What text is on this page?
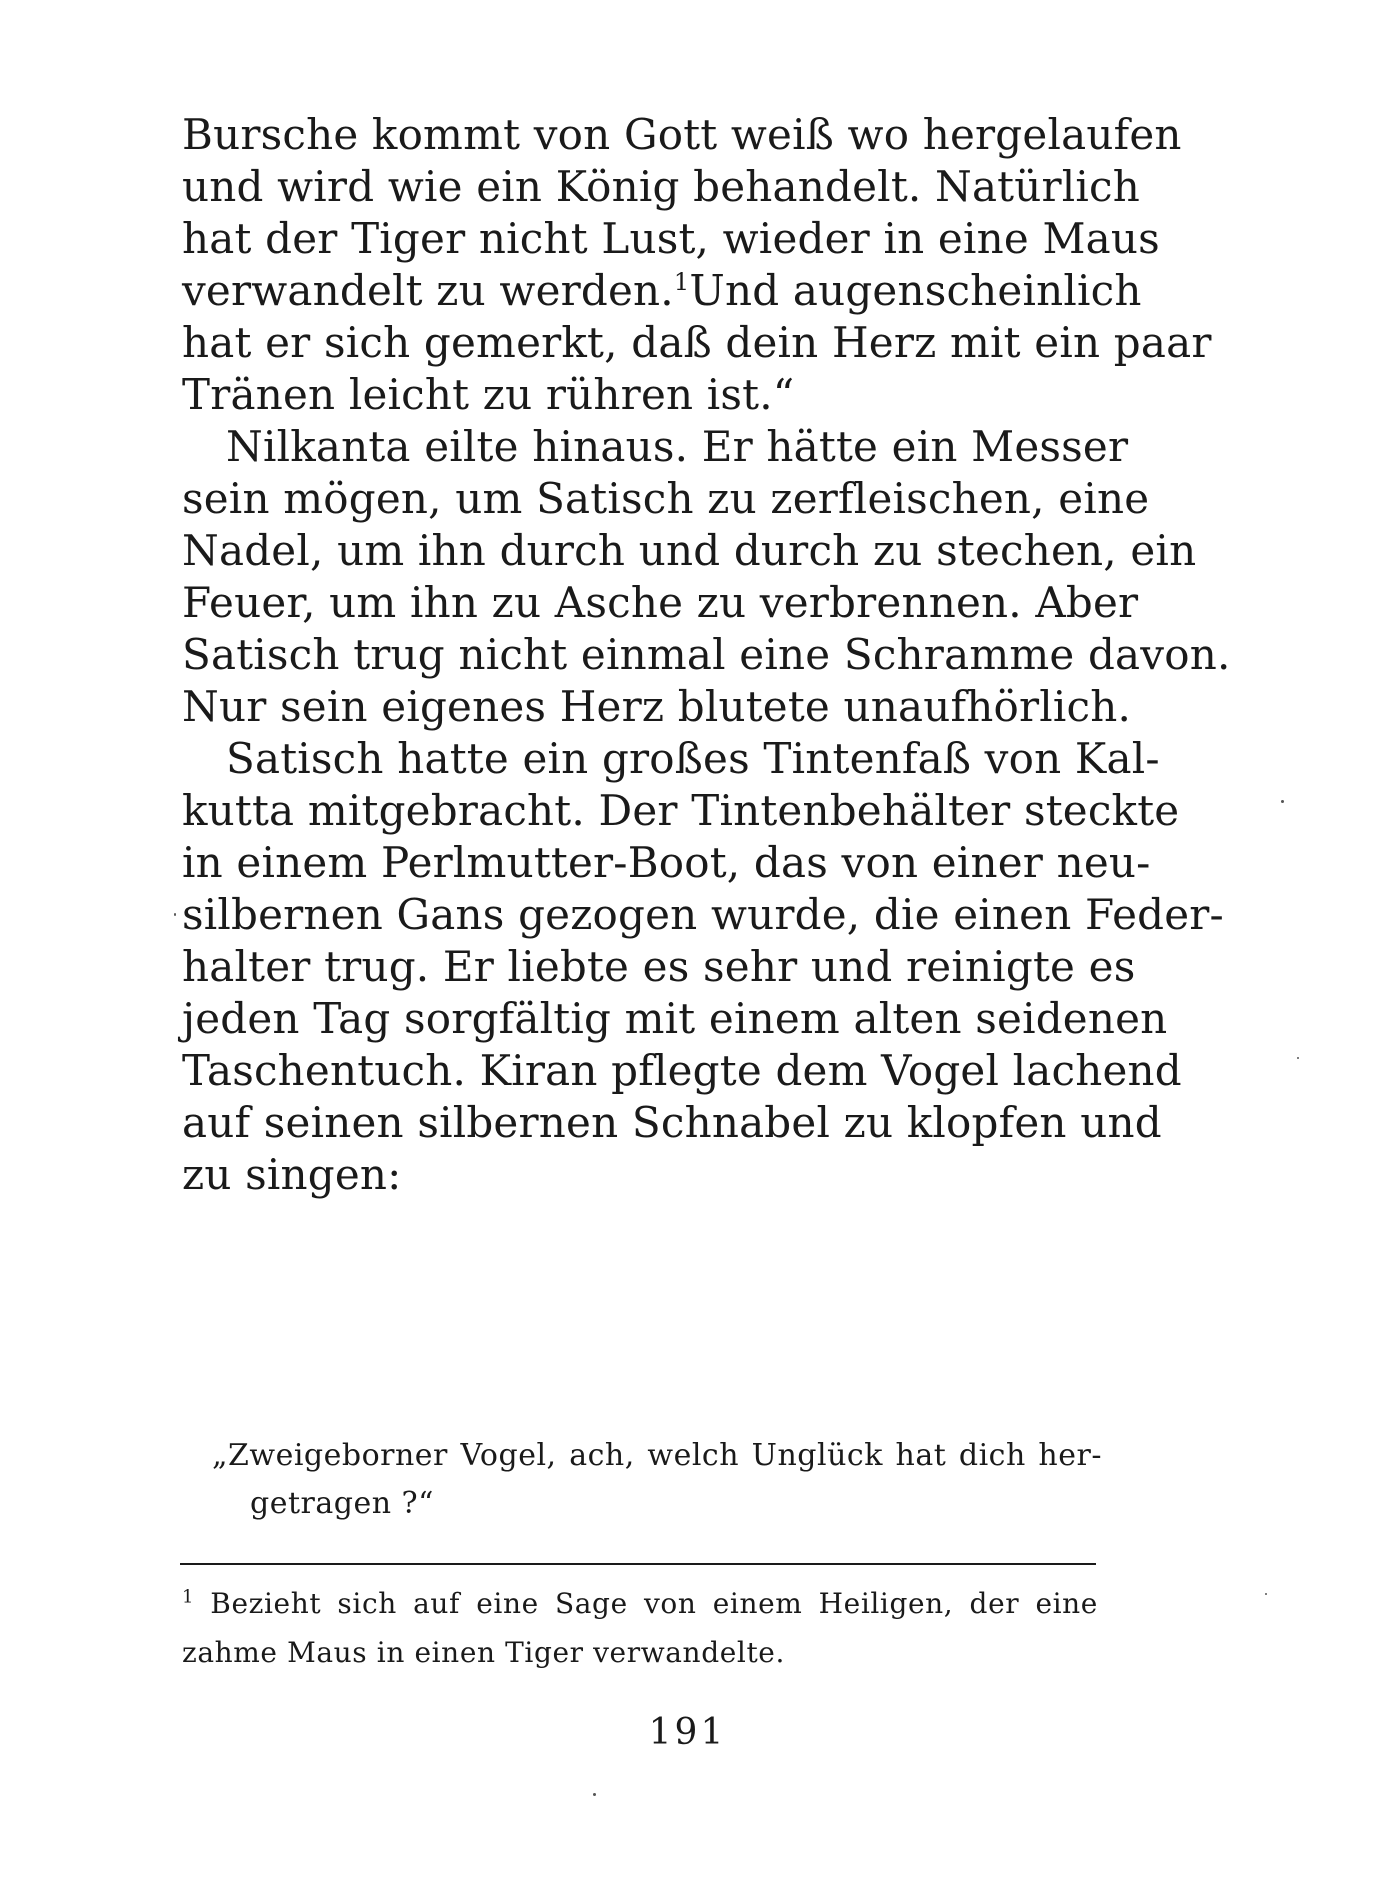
Bursche kommt von Gott weiß wo hergelaufen
und wird wie ein König behandelt. Natürlich
hat der Tiger nicht Lust, wieder in eine Maus
verwandelt zu werden.$^1$ Und augenscheinlich
hat er sich gemerkt, daß dein Herz mit ein paar
Tränen leicht zu rühren ist.“
Nilkanta eilte hinaus. Er hätte ein Messer
sein mögen, um Satisch zu zerfleischen, eine
Nadel, um ihn durch und durch zu stechen, ein
Feuer, um ihn zu Asche zu verbrennen. Aber
Satisch trug nicht einmal eine Schramme davon.
Nur sein eigenes Herz blutete unaufhörlich.
Satisch hatte ein großes Tintenfaß von Kal-
kutta mitgebracht. Der Tintenbehälter steckte
in einem Perlmutter-Boot, das von einer neu-
silbernen Gans gezogen wurde, die einen Feder-
halter trug. Er liebte es sehr und reinigte es
jeden Tag sorgfältig mit einem alten seidenen
Taschentuch. Kiran pflegte dem Vogel lachend
auf seinen silbernen Schnabel zu klopfen und
zu singen:
„Zweigeborner Vogel, ach, welch Unglück hat dich her-
getragen ?“
$^1$ Bezieht sich auf eine Sage von einem Heiligen, der eine
zahme Maus in einen Tiger verwandelte.
191
